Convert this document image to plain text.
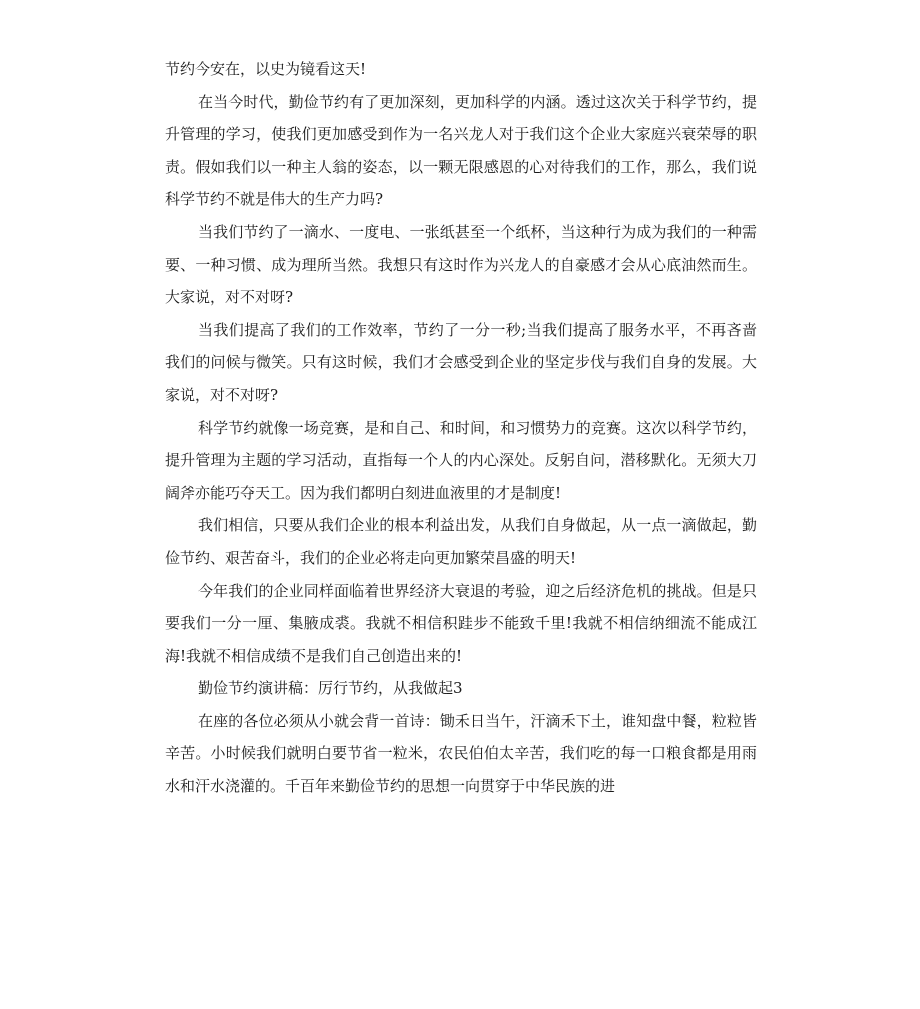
节约今安在，以史为镜看这天!

在当今时代，勤俭节约有了更加深刻，更加科学的内涵。透过这次关于科学节约，提升管理的学习，使我们更加感受到作为一名兴龙人对于我们这个企业大家庭兴衰荣辱的职责。假如我们以一种主人翁的姿态，以一颗无限感恩的心对待我们的工作，那么，我们说科学节约不就是伟大的生产力吗?

当我们节约了一滴水、一度电、一张纸甚至一个纸杯，当这种行为成为我们的一种需要、一种习惯、成为理所当然。我想只有这时作为兴龙人的自豪感才会从心底油然而生。大家说，对不对呀?

当我们提高了我们的工作效率，节约了一分一秒;当我们提高了服务水平，不再吝啬我们的问候与微笑。只有这时候，我们才会感受到企业的坚定步伐与我们自身的发展。大家说，对不对呀?

科学节约就像一场竞赛，是和自己、和时间，和习惯势力的竞赛。这次以科学节约，提升管理为主题的学习活动，直指每一个人的内心深处。反躬自问，潜移默化。无须大刀阔斧亦能巧夺天工。因为我们都明白刻进血液里的才是制度!

我们相信，只要从我们企业的根本利益出发，从我们自身做起，从一点一滴做起，勤俭节约、艰苦奋斗，我们的企业必将走向更加繁荣昌盛的明天!

今年我们的企业同样面临着世界经济大衰退的考验，迎之后经济危机的挑战。但是只要我们一分一厘、集腋成裘。我就不相信积跬步不能致千里!我就不相信纳细流不能成江海!我就不相信成绩不是我们自己创造出来的!

勤俭节约演讲稿：厉行节约，从我做起3

在座的各位必须从小就会背一首诗：锄禾日当午，汗滴禾下土，谁知盘中餐，粒粒皆辛苦。小时候我们就明白要节省一粒米，农民伯伯太辛苦，我们吃的每一口粮食都是用雨水和汗水浇灌的。千百年来勤俭节约的思想一向贯穿于中华民族的进
